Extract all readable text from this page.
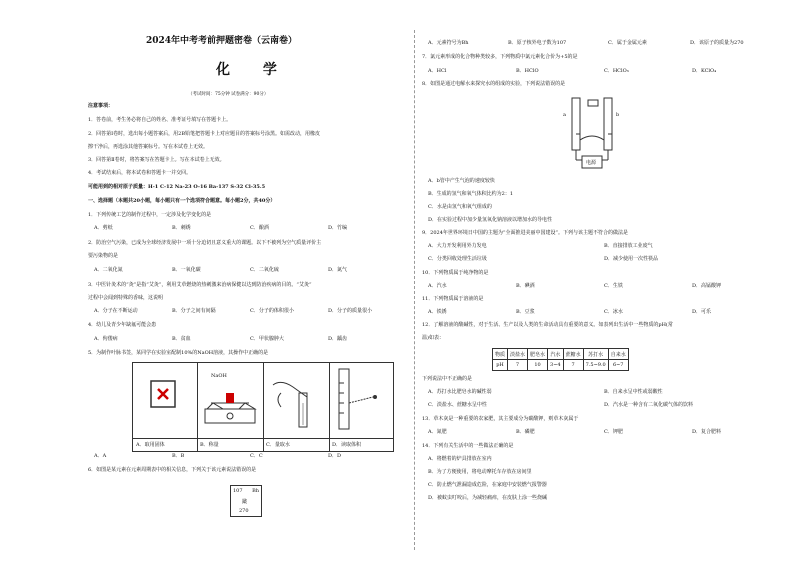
2024年中考考前押题密卷（云南卷）
化 学
（考试时间：75分钟 试卷满分：90分）
注意事项：
1．答卷前，考生务必将自己的姓名、准考证号填写在答题卡上。
2．回答第Ⅰ卷时，选出每小题答案后，用2B铅笔把答题卡上对应题目的答案标号涂黑。如需改动，用橡皮
擦干净后，再选涂其他答案标号。写在本试卷上无效。
3．回答第Ⅱ卷时，将答案写在答题卡上。写在本试卷上无效。
4．考试结束后，将本试卷和答题卡一并交回。
可能用到的相对原子质量：H-1 C-12 Na-23 O-16 Ba-137 S-32 Cl-35.5
一、选择题（本题共20小题，每小题只有一个选项符合题意。每小题2分，共40分）
1．下列传统工艺的制作过程中，一定涉及化学变化的是
A．剪纸	B．刺绣	C．酿酒	D．竹编
2．防治空气污染，已成为全球经济发展中一项十分迫切且意义重大的课题。以下不被列为空气质量评价主
要污染物的是
A．二氧化氮	B．一氧化碳	C．二氧化硫	D．氮气
3．中医针灸术的“灸”是指“艾灸”，利用艾草燃烧的热刺激来治病保健以达到防治疾病的目的。“艾灸”
过程中会闻到特殊的香味，这说明
A．分子在不断运动	B．分子之间有间隔	C．分子的体积很小	D．分子的质量很小
4．幼儿及青少年缺氟可能会患
A．佝偻病	B．贫血	C．甲状腺肿大	D．龋齿
5．为制作叶脉书签，某同学在实验室配制10%的NaOH溶液，其操作中正确的是
A．取用固体
NaOH
B．称量	C．量取水	D．读取体积
A．A	B．B	C．C	D．D
6．如图是某元素在元素周期表中的相关信息，下列关于该元素说法错误的是
107 Bh
𨨏
270
A．元素符号为Bh	B．原子核外电子数为107	C．属于金属元素	D．该原子的质量为270
7．氯元素形成的化合物种类较多，下列物质中氯元素化合价为+5的是
A．HCl	B．HClO	C．HClO₃	D．KClO₄
8．如图是通过电解水来探究水的组成的实验，下列说法错误的是
a	b
电源
A．b管中产生气泡的速度较快
B．生成的氢气和氧气体积比约为2：1
C．水是由氢气和氧气组成的
D．在实验过程中加少量氢氧化钠溶液以增加水的导电性
9．2024年世界环境日中国的主题为“全面推进美丽中国建设”。下列与该主题不符合的做法是
A．大力开发利用外力发电	B．直接排放工业废气
C．分类回收处理生活垃圾	D．减少使用一次性筷品
10．下列物质属于纯净物的是
A．汽水	B．碘酒	C．生铁	D．高锰酸钾
11．下列物质属于溶液的是
A．铁锈	B．豆浆	C．冰水	D．可乐
12．了解溶液的酸碱性，对于生活、生产以及人类的生命活动具有重要的意义。如表列出生活中一些物质的pH(常
温)如表：
物质	淡盐水	肥皂水	汽水	蔗糖水	苏打水	自来水
pH	7	10	3~4	7	7.5~9.0	6~7
下列说法中不正确的是
A．苏打水比肥皂水的碱性弱	B．自来水呈中性或弱酸性
C．淡盐水、蔗糖水呈中性	D．汽水是一种含有二氧化碳气体的饮料
13．草木灰是一种重要的农家肥，其主要成分为碳酸钾，则草木灰属于
A．氮肥	B．磷肥	C．钾肥	D．复合肥料
14．下列有关生活中的一些做法正确的是
A．将燃着的炉具排放在室内
B．为了方便使用，将电动摩托车存放在房间里
C．防止燃气泄漏造成危险，在家庭中安装燃气报警器
D．被蚊虫叮咬后，为减轻痛痒，在皮肤上涂一些烧碱
